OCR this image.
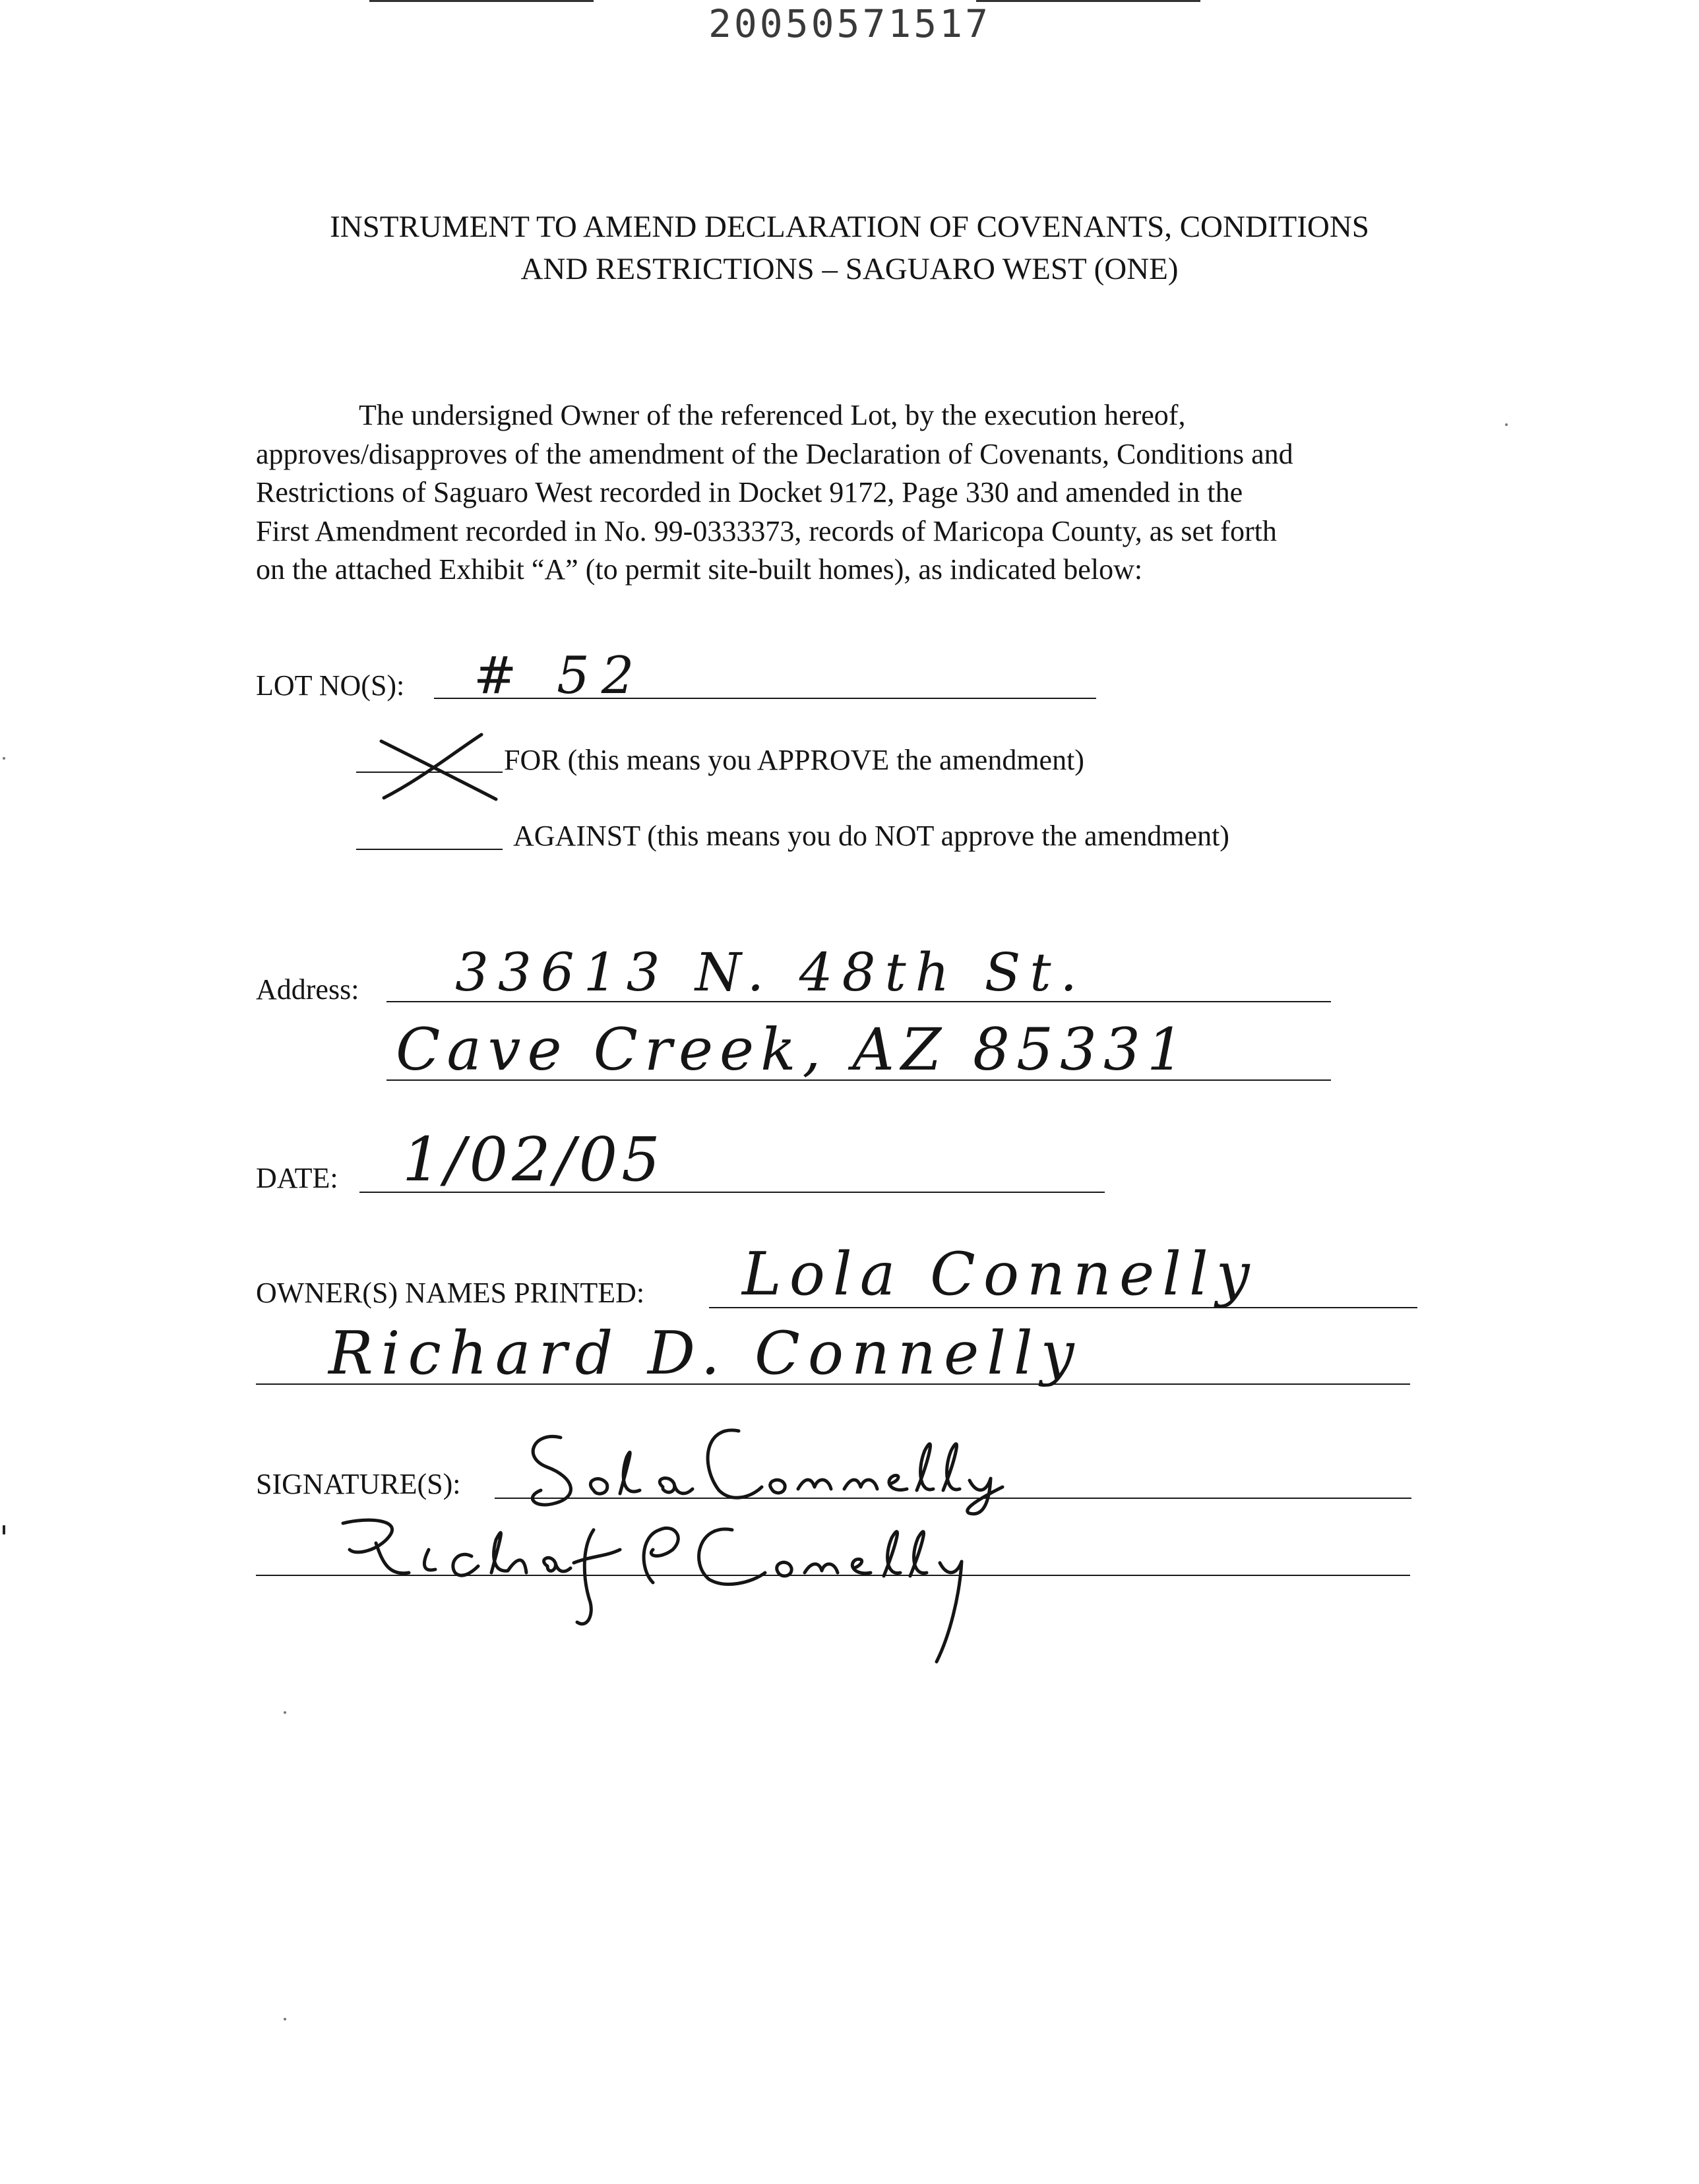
20050571517
INSTRUMENT TO AMEND DECLARATION OF COVENANTS, CONDITIONS
AND RESTRICTIONS – SAGUARO WEST (ONE)
The undersigned Owner of the referenced Lot, by the execution hereof,
approves/disapproves of the amendment of the Declaration of Covenants, Conditions and
Restrictions of Saguaro West recorded in Docket 9172, Page 330 and amended in the
First Amendment recorded in No. 99-0333373, records of Maricopa County, as set forth
on the attached Exhibit “A” (to permit site-built homes), as indicated below:
LOT NO(S): # 52
FOR (this means you APPROVE the amendment)
AGAINST (this means you do NOT approve the amendment)
Address: 33613 N. 48th St.
Cave Creek, AZ 85331
DATE: 1/02/05
OWNER(S) NAMES PRINTED: Lola Connelly
Richard D. Connelly
SIGNATURE(S):
